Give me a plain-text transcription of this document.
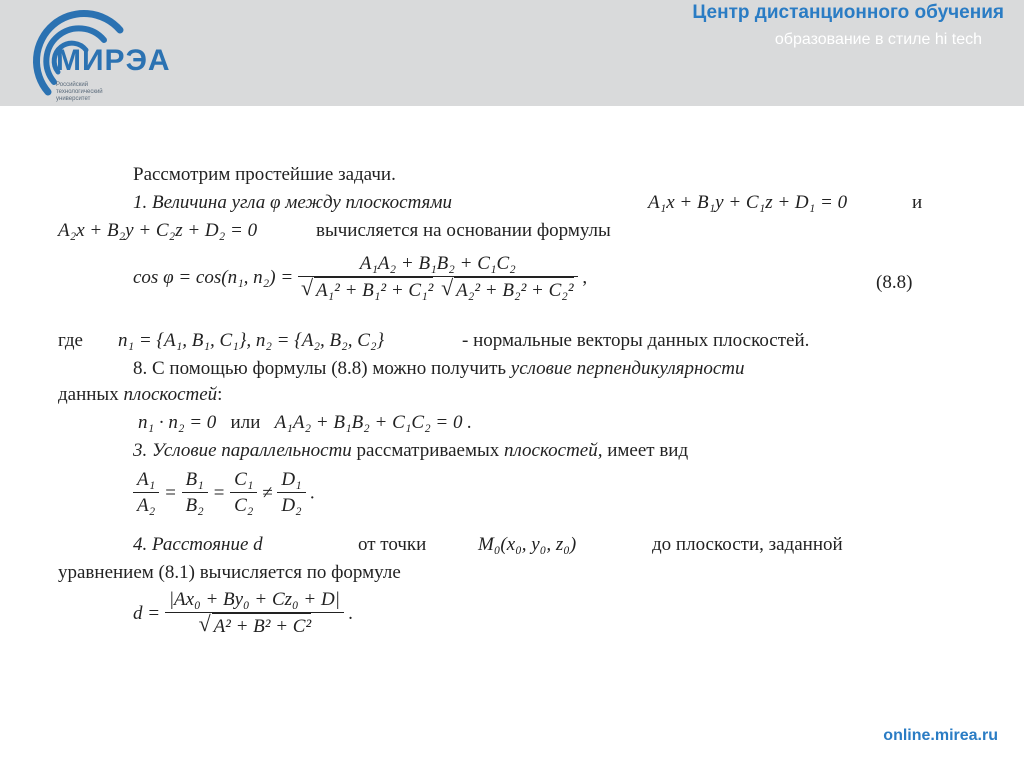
МИРЭА
Российский
технологический
университет
Центр дистанционного обучения
образование в стиле hi tech
Рассмотрим простейшие задачи.
1. Величина угла φ между плоскостями	A₁x + B₁y + C₁z + D₁ = 0	и
A₂x + B₂y + C₂z + D₂ = 0	вычисляется на основании формулы
cos φ = cos(n₁, n₂) = A₁A₂ + B₁B₂ + C₁C₂
√ A₁² + B₁² + C₁² √ A₂² + B₂² + C₂² ,	(8.8)
где n₁ = {A₁, B₁, C₁}, n₂ = {A₂, B₂, C₂}	- нормальные векторы данных плоскостей.
8. С помощью формулы (8.8) можно получить условие перпендикулярности
данных плоскостей:
n₁ · n₂ = 0 или A₁A₂ + B₁B₂ + C₁C₂ = 0 .
3. Условие параллельности рассматриваемых плоскостей, имеет вид
$\frac{\text{A₁}}{\text{A₂}} = \frac{\text{B₁}}{\text{B₂}} = \frac{\text{C₁}}{\text{C₂}} \ne \frac{\text{D₁}}{\text{D₂}}$ .
4. Расстояние d	от точки	M₀(x₀, y₀, z₀)	до плоскости, заданной
уравнением (8.1) вычисляется по формуле
d = |Ax₀ + By₀ + Cz₀ + D|
√ A² + B² + C² .
online.mirea.ru
